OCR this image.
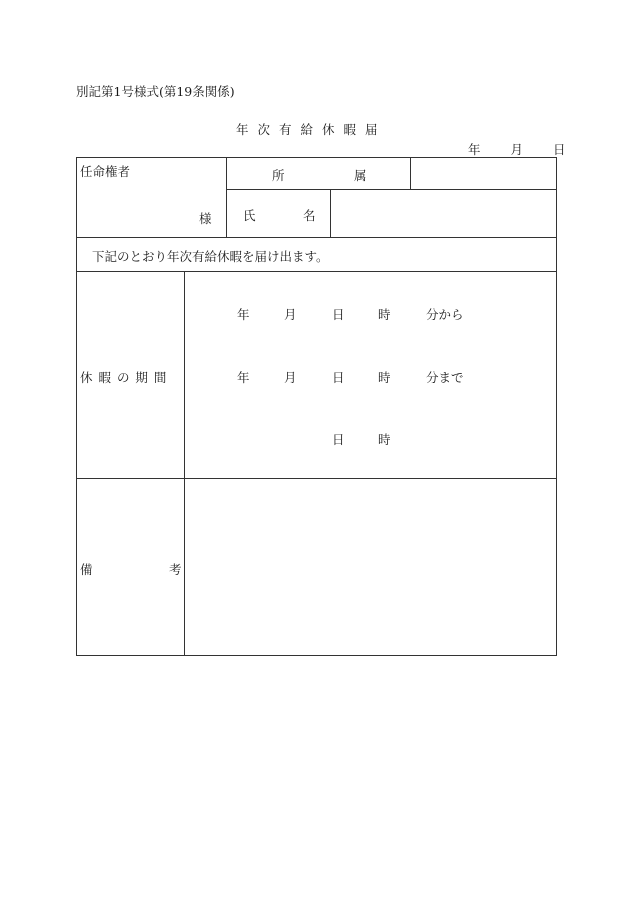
別記第1号様式(第19条関係)
年次有給休暇届
年 月 日
任命権者
様
所	属
氏	名
下記のとおり年次有給休暇を届け出ます。
休 暇 の 期 間
年	月	日	時	分から
年	月	日	時	分まで
日	時
備	考
